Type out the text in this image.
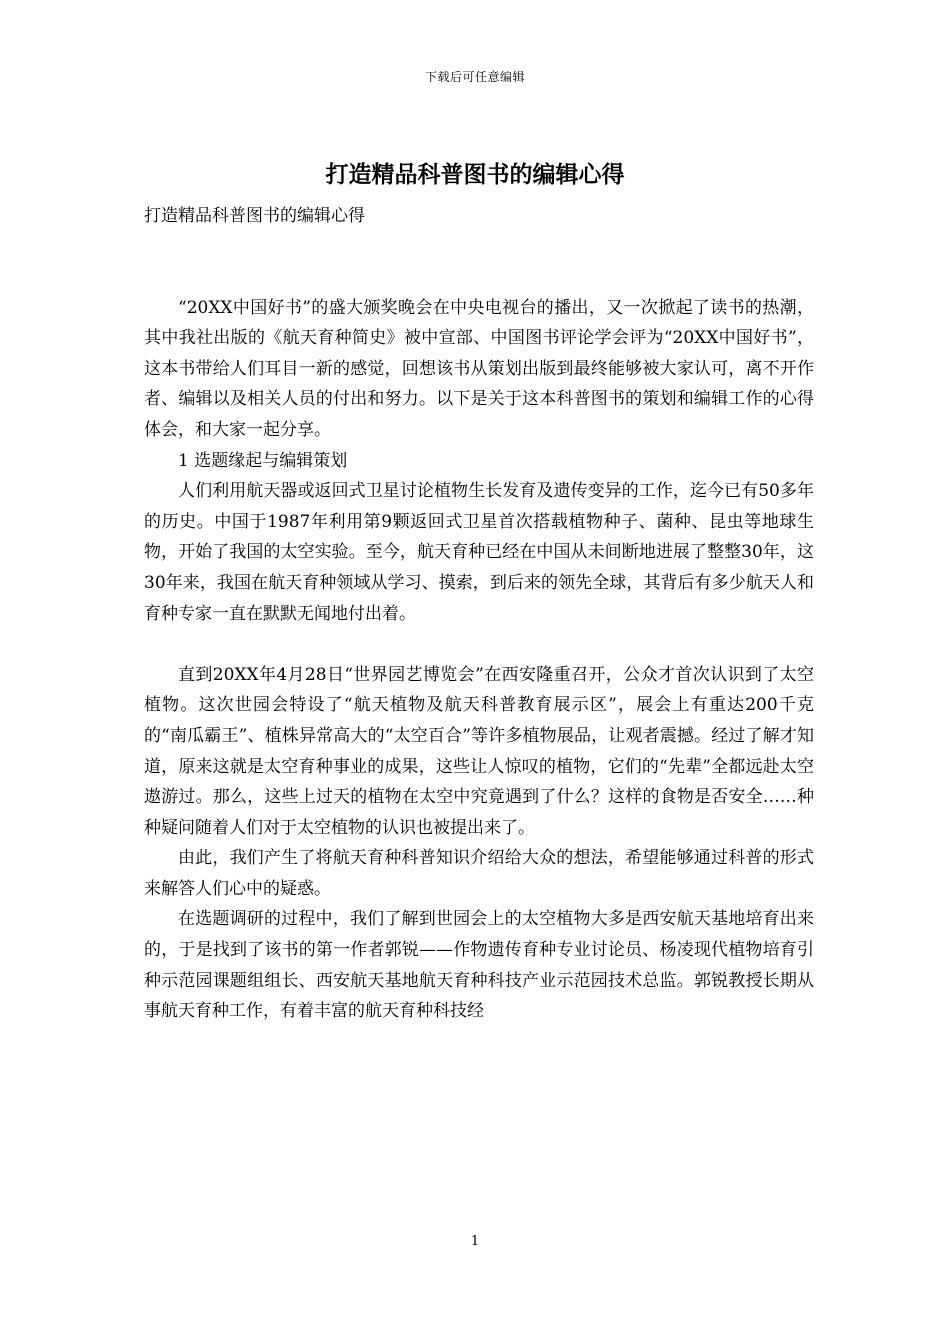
下载后可任意编辑
打造精品科普图书的编辑心得
打造精品科普图书的编辑心得

“20XX中国好书”的盛大颁奖晚会在中央电视台的播出，又一次掀起了读书的热潮，其中我社出版的《航天育种简史》被中宣部、中国图书评论学会评为“20XX中国好书”，这本书带给人们耳目一新的感觉，回想该书从策划出版到最终能够被大家认可，离不开作者、编辑以及相关人员的付出和努力。以下是关于这本科普图书的策划和编辑工作的心得体会，和大家一起分享。

1 选题缘起与编辑策划

人们利用航天器或返回式卫星讨论植物生长发育及遗传变异的工作，迄今已有50多年的历史。中国于1987年利用第9颗返回式卫星首次搭载植物种子、菌种、昆虫等地球生物，开始了我国的太空实验。至今，航天育种已经在中国从未间断地进展了整整30年，这30年来，我国在航天育种领域从学习、摸索，到后来的领先全球，其背后有多少航天人和育种专家一直在默默无闻地付出着。

直到20XX年4月28日“世界园艺博览会”在西安隆重召开，公众才首次认识到了太空植物。这次世园会特设了“航天植物及航天科普教育展示区”，展会上有重达200千克的“南瓜霸王”、植株异常高大的“太空百合”等许多植物展品，让观者震撼。经过了解才知道，原来这就是太空育种事业的成果，这些让人惊叹的植物，它们的“先辈”全都远赴太空遨游过。那么，这些上过天的植物在太空中究竟遇到了什么？这样的食物是否安全……种种疑问随着人们对于太空植物的认识也被提出来了。

由此，我们产生了将航天育种科普知识介绍给大众的想法，希望能够通过科普的形式来解答人们心中的疑惑。

在选题调研的过程中，我们了解到世园会上的太空植物大多是西安航天基地培育出来的，于是找到了该书的第一作者郭锐——作物遗传育种专业讨论员、杨凌现代植物培育引种示范园课题组组长、西安航天基地航天育种科技产业示范园技术总监。郭锐教授长期从事航天育种工作，有着丰富的航天育种科技经

1
